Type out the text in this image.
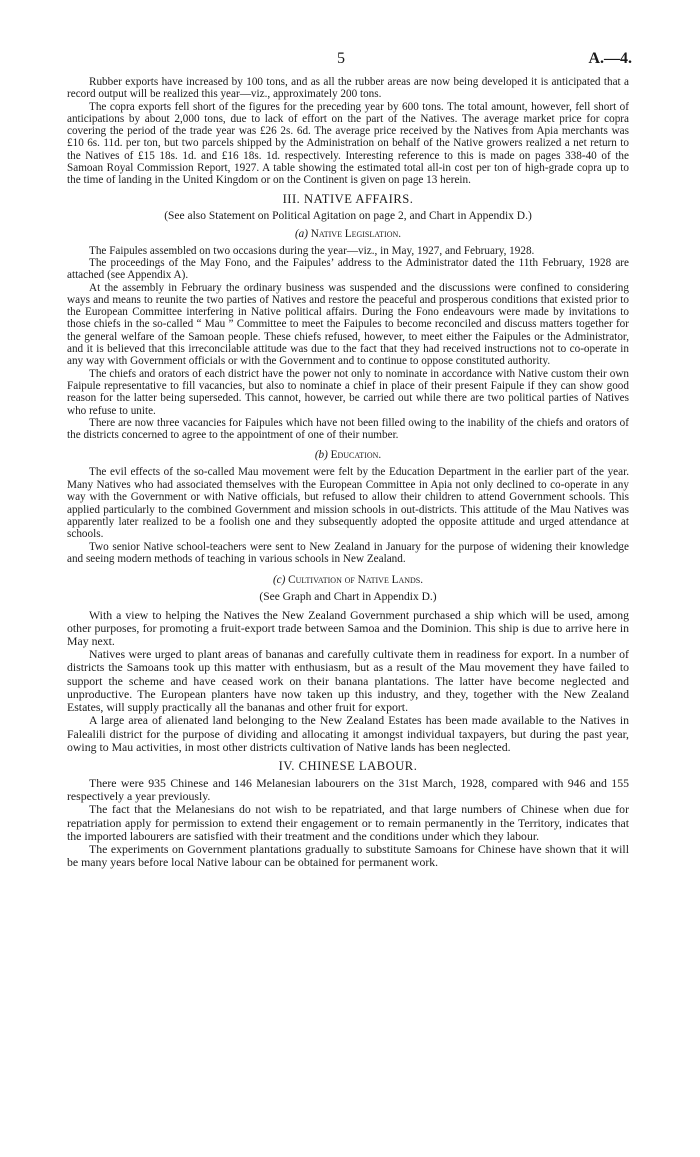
5	A.—4.

Rubber exports have increased by 100 tons, and as all the rubber areas are now being developed it is anticipated that a record output will be realized this year—viz., approximately 200 tons.

The copra exports fell short of the figures for the preceding year by 600 tons. The total amount, however, fell short of anticipations by about 2,000 tons, due to lack of effort on the part of the Natives. The average market price for copra covering the period of the trade year was £26 2s. 6d. The average price received by the Natives from Apia merchants was £10 6s. 11d. per ton, but two parcels shipped by the Administration on behalf of the Native growers realized a net return to the Natives of £15 18s. 1d. and £16 18s. 1d. respectively. Interesting reference to this is made on pages 338-40 of the Samoan Royal Commission Report, 1927. A table showing the estimated total all-in cost per ton of high-grade copra up to the time of landing in the United Kingdom or on the Continent is given on page 13 herein.

III. NATIVE AFFAIRS.
(See also Statement on Political Agitation on page 2, and Chart in Appendix D.)
(a) Native Legislation.

The Faipules assembled on two occasions during the year—viz., in May, 1927, and February, 1928.

The proceedings of the May Fono, and the Faipules’ address to the Administrator dated the 11th February, 1928 are attached (see Appendix A).

At the assembly in February the ordinary business was suspended and the discussions were confined to considering ways and means to reunite the two parties of Natives and restore the peaceful and prosperous conditions that existed prior to the European Committee interfering in Native political affairs. During the Fono endeavours were made by invitations to those chiefs in the so-called “ Mau ” Committee to meet the Faipules to become reconciled and discuss matters together for the general welfare of the Samoan people. These chiefs refused, however, to meet either the Faipules or the Administrator, and it is believed that this irreconcilable attitude was due to the fact that they had received instructions not to co-operate in any way with Government officials or with the Government and to continue to oppose constituted authority.

The chiefs and orators of each district have the power not only to nominate in accordance with Native custom their own Faipule representative to fill vacancies, but also to nominate a chief in place of their present Faipule if they can show good reason for the latter being superseded. This cannot, however, be carried out while there are two political parties of Natives who refuse to unite.

There are now three vacancies for Faipules which have not been filled owing to the inability of the chiefs and orators of the districts concerned to agree to the appointment of one of their number.

(b) Education.

The evil effects of the so-called Mau movement were felt by the Education Department in the earlier part of the year. Many Natives who had associated themselves with the European Committee in Apia not only declined to co-operate in any way with the Government or with Native officials, but refused to allow their children to attend Government schools. This applied particularly to the combined Government and mission schools in out-districts. This attitude of the Mau Natives was apparently later realized to be a foolish one and they subsequently adopted the opposite attitude and urged attendance at schools.

Two senior Native school-teachers were sent to New Zealand in January for the purpose of widening their knowledge and seeing modern methods of teaching in various schools in New Zealand.

(c) Cultivation of Native Lands.
(See Graph and Chart in Appendix D.)

With a view to helping the Natives the New Zealand Government purchased a ship which will be used, among other purposes, for promoting a fruit-export trade between Samoa and the Dominion. This ship is due to arrive here in May next.

Natives were urged to plant areas of bananas and carefully cultivate them in readiness for export. In a number of districts the Samoans took up this matter with enthusiasm, but as a result of the Mau movement they have failed to support the scheme and have ceased work on their banana plantations. The latter have become neglected and unproductive. The European planters have now taken up this industry, and they, together with the New Zealand Estates, will supply practically all the bananas and other fruit for export.

A large area of alienated land belonging to the New Zealand Estates has been made available to the Natives in Falealili district for the purpose of dividing and allocating it amongst individual taxpayers, but during the past year, owing to Mau activities, in most other districts cultivation of Native lands has been neglected.

IV. CHINESE LABOUR.

There were 935 Chinese and 146 Melanesian labourers on the 31st March, 1928, compared with 946 and 155 respectively a year previously.

The fact that the Melanesians do not wish to be repatriated, and that large numbers of Chinese when due for repatriation apply for permission to extend their engagement or to remain permanently in the Territory, indicates that the imported labourers are satisfied with their treatment and the conditions under which they labour.

The experiments on Government plantations gradually to substitute Samoans for Chinese have shown that it will be many years before local Native labour can be obtained for permanent work.
